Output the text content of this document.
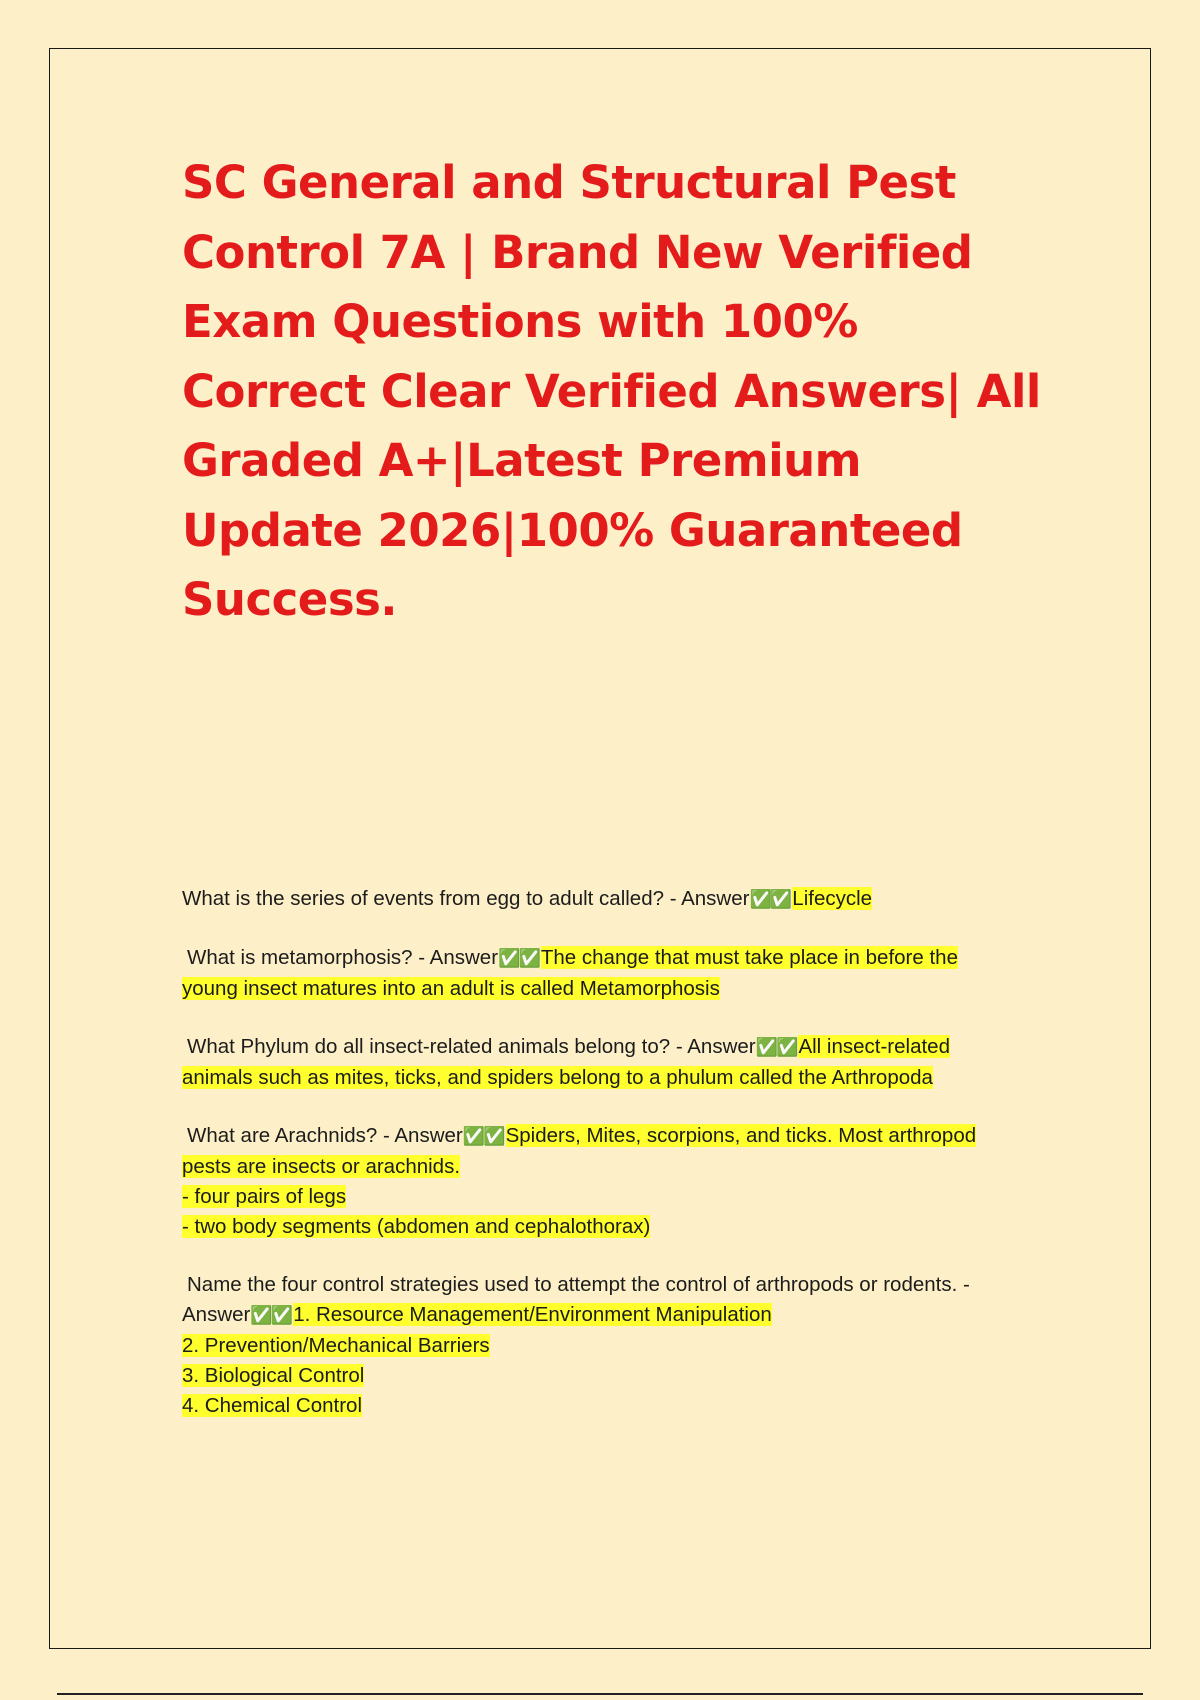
SC General and Structural Pest Control 7A | Brand New Verified Exam Questions with 100% Correct Clear Verified Answers| All Graded A+|Latest Premium Update 2026|100% Guaranteed Success.
What is the series of events from egg to adult called? - Answer✅✅Lifecycle
What is metamorphosis? - Answer✅✅The change that must take place in before the young insect matures into an adult is called Metamorphosis
What Phylum do all insect-related animals belong to? - Answer✅✅All insect-related animals such as mites, ticks, and spiders belong to a phulum called the Arthropoda
What are Arachnids? - Answer✅✅Spiders, Mites, scorpions, and ticks. Most arthropod pests are insects or arachnids.
- four pairs of legs
- two body segments (abdomen and cephalothorax)
Name the four control strategies used to attempt the control of arthropods or rodents. - Answer✅✅1. Resource Management/Environment Manipulation
2. Prevention/Mechanical Barriers
3. Biological Control
4. Chemical Control
